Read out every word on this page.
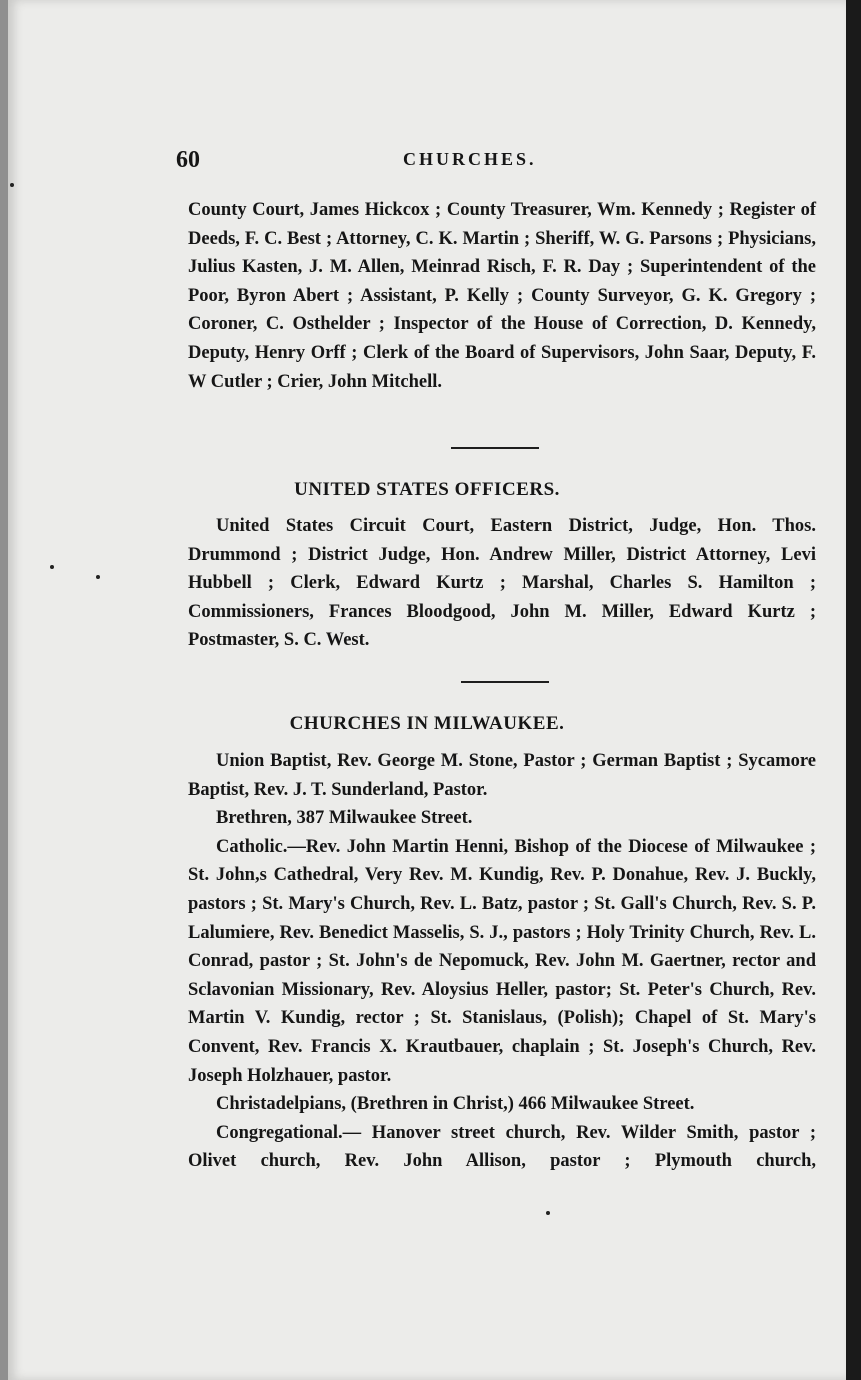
60	CHURCHES.

County Court, James Hickcox ; County Treasurer, Wm. Kennedy ; Register of Deeds, F. C. Best ; Attorney, C. K. Martin ; Sheriff, W. G. Parsons ; Physicians, Julius Kasten, J. M. Allen, Meinrad Risch, F. R. Day ; Superintendent of the Poor, Byron Abert ; Assistant, P. Kelly ; County Surveyor, G. K. Gregory ; Coroner, C. Osthelder ; Inspector of the House of Correction, D. Kennedy, Deputy, Henry Orff ; Clerk of the Board of Supervisors, John Saar, Deputy, F. W Cutler ; Crier, John Mitchell.

UNITED STATES OFFICERS.

United States Circuit Court, Eastern District, Judge, Hon. Thos. Drummond ; District Judge, Hon. Andrew Miller, District Attorney, Levi Hubbell ; Clerk, Edward Kurtz ; Marshal, Charles S. Hamilton ; Commissioners, Frances Bloodgood, John M. Miller, Edward Kurtz ; Postmaster, S. C. West.

CHURCHES IN MILWAUKEE.

Union Baptist, Rev. George M. Stone, Pastor ; German Baptist ; Sycamore Baptist, Rev. J. T. Sunderland, Pastor.

Brethren, 387 Milwaukee Street.

Catholic.—Rev. John Martin Henni, Bishop of the Diocese of Milwaukee ; St. John,s Cathedral, Very Rev. M. Kundig, Rev. P. Donahue, Rev. J. Buckly, pastors ; St. Mary's Church, Rev. L. Batz, pastor ; St. Gall's Church, Rev. S. P. Lalumiere, Rev. Benedict Masselis, S. J., pastors ; Holy Trinity Church, Rev. L. Conrad, pastor ; St. John's de Nepomuck, Rev. John M. Gaertner, rector and Sclavonian Missionary, Rev. Aloysius Heller, pastor; St. Peter's Church, Rev. Martin V. Kundig, rector ; St. Stanislaus, (Polish); Chapel of St. Mary's Convent, Rev. Francis X. Krautbauer, chaplain ; St. Joseph's Church, Rev. Joseph Holzhauer, pastor.

Christadelpians, (Brethren in Christ,) 466 Milwaukee Street.

Congregational.— Hanover street church, Rev. Wilder Smith, pastor ; Olivet church, Rev. John Allison, pastor ; Plymouth church,
